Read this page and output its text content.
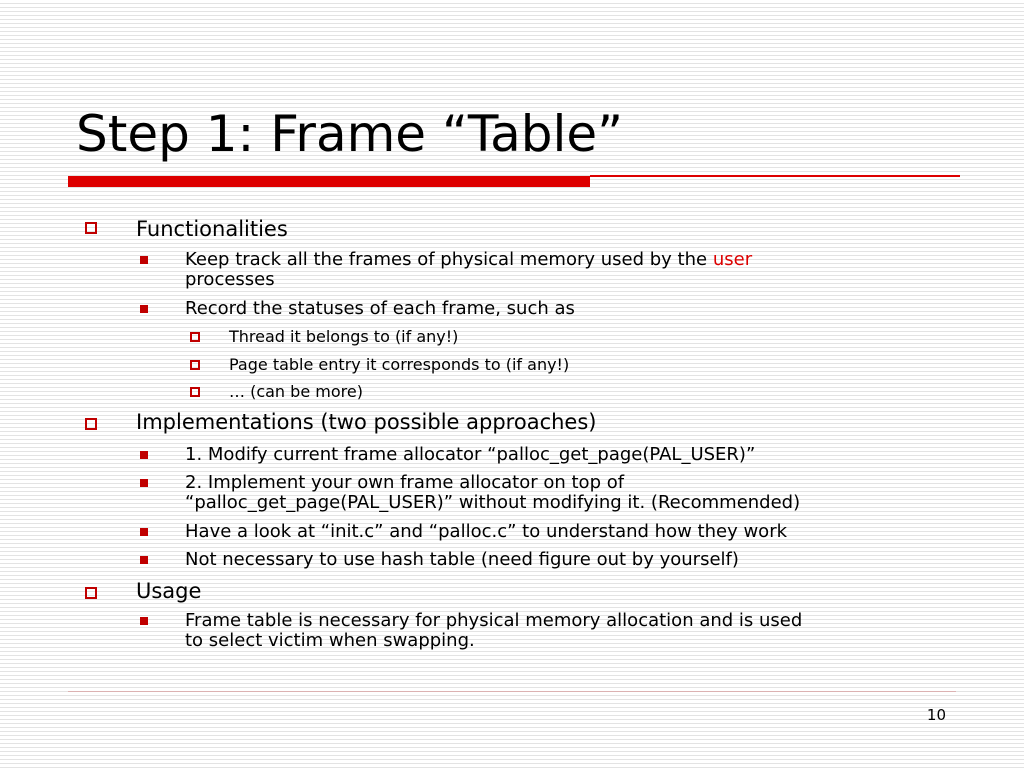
Step 1: Frame “Table”
Functionalities
Keep track all the frames of physical memory used by the user
processes
Record the statuses of each frame, such as
Thread it belongs to (if any!)
Page table entry it corresponds to (if any!)
… (can be more)
Implementations (two possible approaches)
1. Modify current frame allocator “palloc_get_page(PAL_USER)”
2. Implement your own frame allocator on top of
“palloc_get_page(PAL_USER)” without modifying it. (Recommended)
Have a look at “init.c” and “palloc.c” to understand how they work
Not necessary to use hash table (need figure out by yourself)
Usage
Frame table is necessary for physical memory allocation and is used
to select victim when swapping.
10
